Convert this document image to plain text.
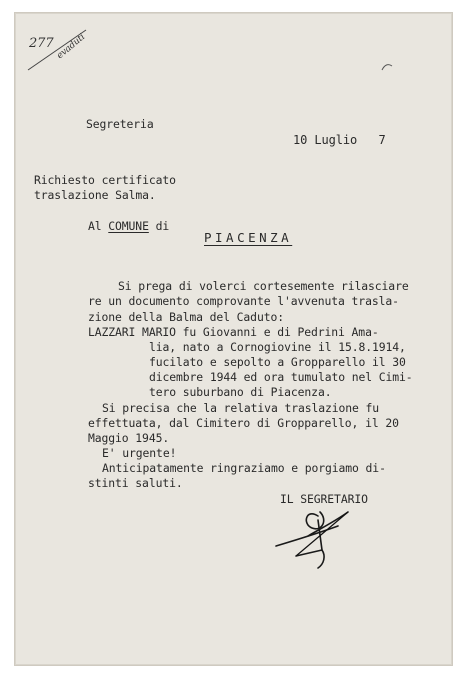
277 evaduti
Segreteria
10 Luglio   7
Richiesto certificato
traslazione Salma.
Al COMUNE di
PIACENZA
Si prega di volerci cortesemente rilasciare
re un documento comprovante l'avvenuta trasla-
zione della Balma del Caduto:
LAZZARI MARIO fu Giovanni e di Pedrini Ama-
lia, nato a Cornogiovine il 15.8.1914,
fucilato e sepolto a Gropparello il 30
dicembre 1944 ed ora tumulato nel Cimi-
tero suburbano di Piacenza.
Si precisa che la relativa traslazione fu
effettuata, dal Cimitero di Gropparello, il 20
Maggio 1945.
E' urgente!
Anticipatamente ringraziamo e porgiamo di-
stinti saluti.
IL SEGRETARIO
